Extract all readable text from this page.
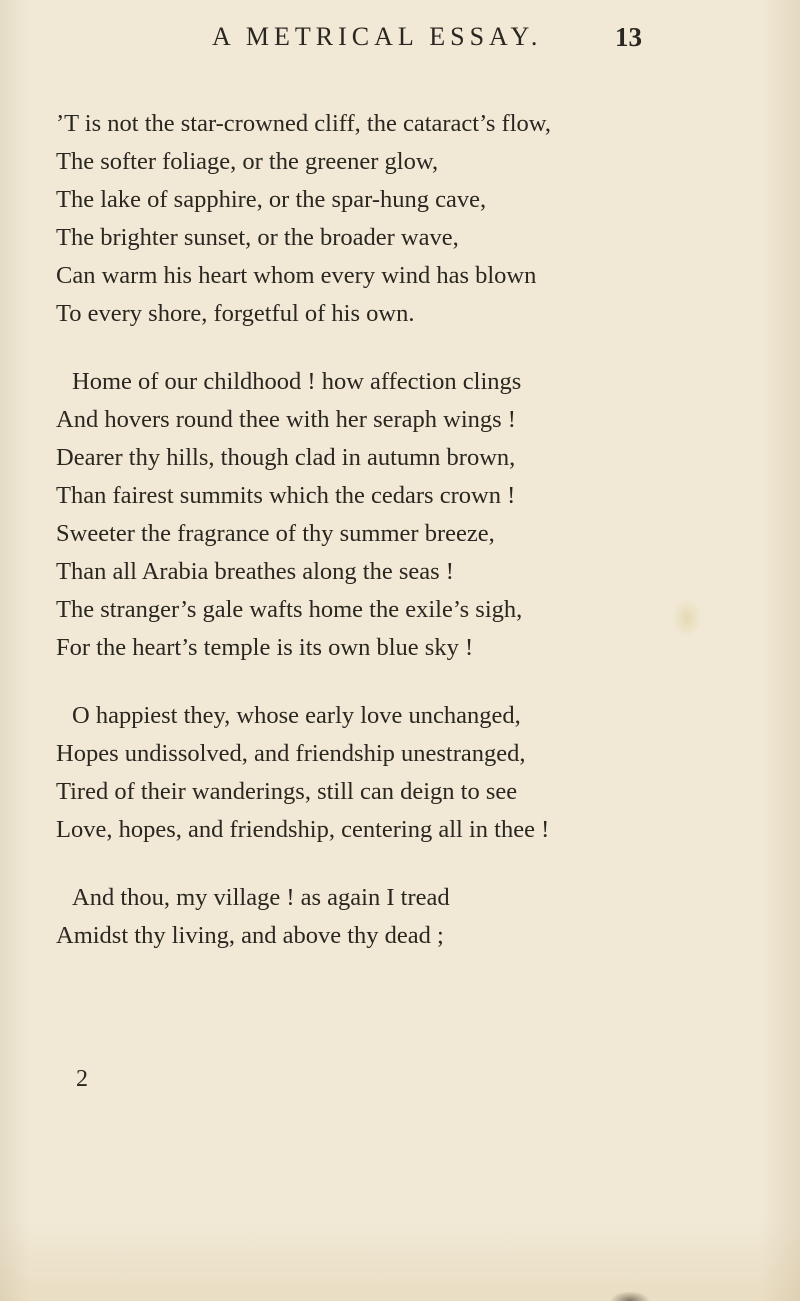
A METRICAL ESSAY.	13
’T is not the star-crowned cliff, the cataract’s flow,
The softer foliage, or the greener glow,
The lake of sapphire, or the spar-hung cave,
The brighter sunset, or the broader wave,
Can warm his heart whom every wind has blown
To every shore, forgetful of his own.
Home of our childhood ! how affection clings
And hovers round thee with her seraph wings !
Dearer thy hills, though clad in autumn brown,
Than fairest summits which the cedars crown !
Sweeter the fragrance of thy summer breeze,
Than all Arabia breathes along the seas !
The stranger’s gale wafts home the exile’s sigh,
For the heart’s temple is its own blue sky !
O happiest they, whose early love unchanged,
Hopes undissolved, and friendship unestranged,
Tired of their wanderings, still can deign to see
Love, hopes, and friendship, centering all in thee !
And thou, my village ! as again I tread
Amidst thy living, and above thy dead ;
2
